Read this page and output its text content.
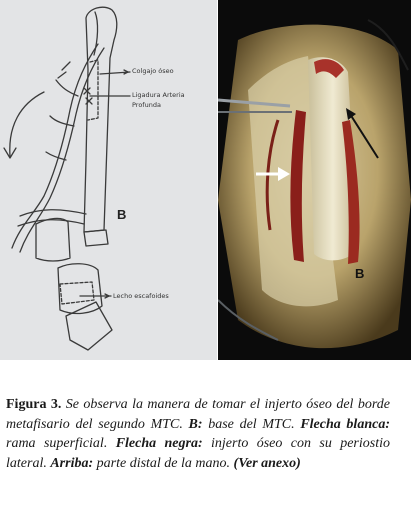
Colgajo óseo
Ligadura Arteria
Profunda
Lecho escafoides
B
B

Figura 3. Se observa la manera de tomar el injerto óseo del borde metafisario del segundo MTC. B: base del MTC. Flecha blanca: rama superficial. Flecha negra: injerto óseo con su periostio lateral. Arriba: parte distal de la mano. (Ver anexo)
